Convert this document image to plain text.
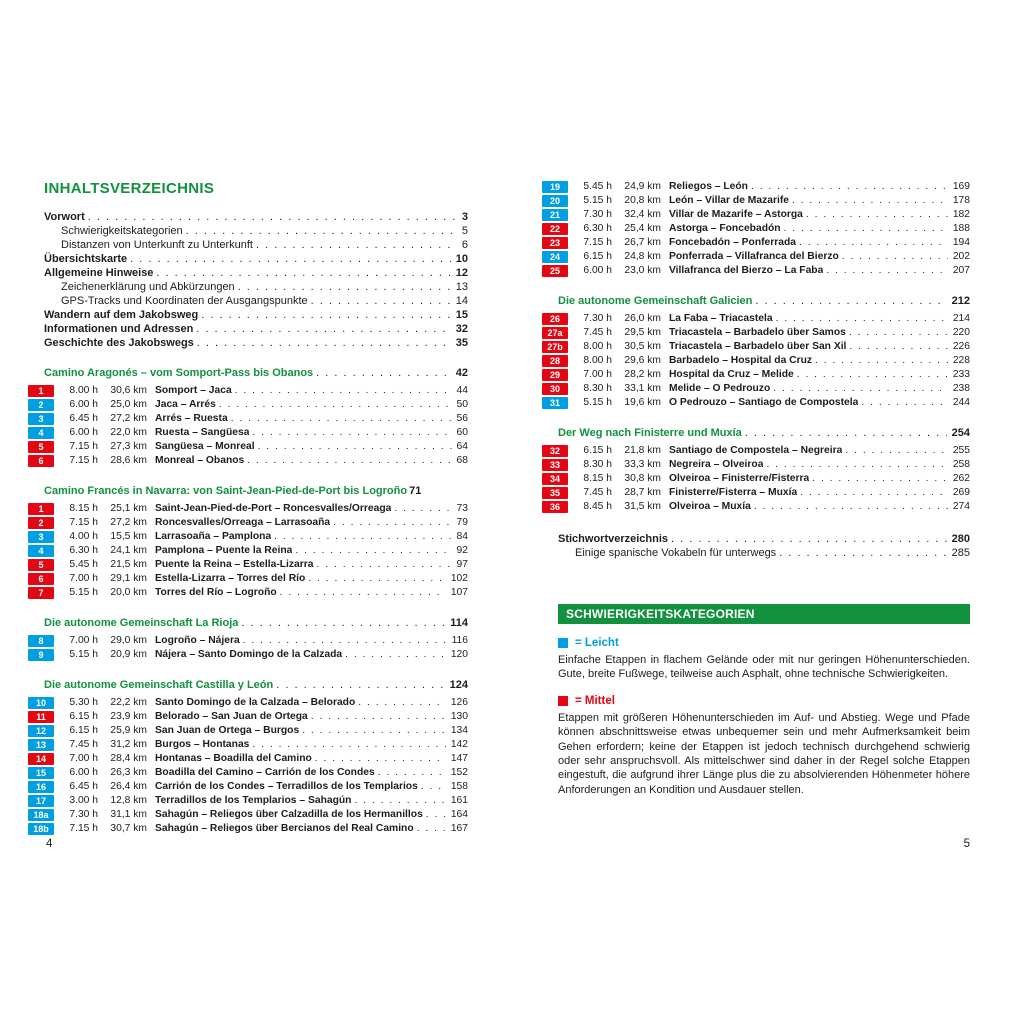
INHALTSVERZEICHNIS
Vorwort . . .	3
Schwierigkeitskategorien . . .	5
Distanzen von Unterkunft zu Unterkunft . . .	6
Übersichtskarte . . .	10
Allgemeine Hinweise . . .	12
Zeichenerklärung und Abkürzungen . . .	13
GPS-Tracks und Koordinaten der Ausgangspunkte . . .	14
Wandern auf dem Jakobsweg . . .	15
Informationen und Adressen . . .	32
Geschichte des Jakobswegs . . .	35
Camino Aragonés – vom Somport-Pass bis Obanos . . .	42
1	8.00 h	30,6 km Somport – Jaca . . .	44
2	6.00 h	25,0 km Jaca – Arrés . . .	50
3	6.45 h	27,2 km Arrés – Ruesta . . .	56
4	6.00 h	22,0 km Ruesta – Sangüesa . . .	60
5	7.15 h	27,3 km Sangüesa – Monreal . . .	64
6	7.15 h	28,6 km Monreal – Obanos . . .	68
Camino Francés in Navarra: von Saint-Jean-Pied-de-Port bis Logroño 71
1	8.15 h	25,1 km Saint-Jean-Pied-de-Port – Roncesvalles/Orreaga . . .	73
2	7.15 h	27,2 km Roncesvalles/Orreaga – Larrasoaña . . .	79
3	4.00 h	15,5 km Larrasoaña – Pamplona . . .	84
4	6.30 h	24,1 km Pamplona – Puente la Reina . . .	92
5	5.45 h	21,5 km Puente la Reina – Estella-Lizarra . . .	97
6	7.00 h	29,1 km Estella-Lizarra – Torres del Río . . .	102
7	5.15 h	20,0 km Torres del Río – Logroño . . .	107
Die autonome Gemeinschaft La Rioja . . .	114
8	7.00 h	29,0 km Logroño – Nájera . . .	116
9	5.15 h	20,9 km Nájera – Santo Domingo de la Calzada . . .	120
Die autonome Gemeinschaft Castilla y León . . .	124
10	5.30 h	22,2 km Santo Domingo de la Calzada – Belorado . . .	126
11	6.15 h	23,9 km Belorado – San Juan de Ortega . . .	130
12	6.15 h	25,9 km San Juan de Ortega – Burgos . . .	134
13	7.45 h	31,2 km Burgos – Hontanas . . .	142
14	7.00 h	28,4 km Hontanas – Boadilla del Camino . . .	147
15	6.00 h	26,3 km Boadilla del Camino – Carrión de los Condes . . .	152
16	6.45 h	26,4 km Carrión de los Condes – Terradillos de los Templarios . . .	158
17	3.00 h	12,8 km Terradillos de los Templarios – Sahagún . . .	161
18a	7.30 h	31,1 km Sahagún – Reliegos über Calzadilla de los Hermanillos . . .	164
18b	7.15 h	30,7 km Sahagún – Reliegos über Bercianos del Real Camino . . .	167
19	5.45 h	24,9 km Reliegos – León . . .	169
20	5.15 h	20,8 km León – Villar de Mazarife . . .	178
21	7.30 h	32,4 km Villar de Mazarife – Astorga . . .	182
22	6.30 h	25,4 km Astorga – Foncebadón . . .	188
23	7.15 h	26,7 km Foncebadón – Ponferrada . . .	194
24	6.15 h	24,8 km Ponferrada – Villafranca del Bierzo . . .	202
25	6.00 h	23,0 km Villafranca del Bierzo – La Faba . . .	207
Die autonome Gemeinschaft Galicien . . .	212
26	7.30 h	26,0 km La Faba – Triacastela . . .	214
27a	7.45 h	29,5 km Triacastela – Barbadelo über Samos . . .	220
27b	8.00 h	30,5 km Triacastela – Barbadelo über San Xil . . .	226
28	8.00 h	29,6 km Barbadelo – Hospital da Cruz . . .	228
29	7.00 h	28,2 km Hospital da Cruz – Melide . . .	233
30	8.30 h	33,1 km Melide – O Pedrouzo . . .	238
31	5.15 h	19,6 km O Pedrouzo – Santiago de Compostela . . .	244
Der Weg nach Finisterre und Muxía . . .	254
32	6.15 h	21,8 km Santiago de Compostela – Negreira . . .	255
33	8.30 h	33,3 km Negreira – Olveiroa . . .	258
34	8.15 h	30,8 km Olveiroa – Finisterre/Fisterra . . .	262
35	7.45 h	28,7 km Finisterre/Fisterra – Muxía . . .	269
36	8.45 h	31,5 km Olveiroa – Muxía . . .	274
Stichwortverzeichnis . . .	280
Einige spanische Vokabeln für unterwegs . . .	285
SCHWIERIGKEITSKATEGORIEN
= Leicht

Einfache Etappen in flachem Gelände oder mit nur geringen Höhenunterschieden. Gute, breite Fußwege, teilweise auch Asphalt, ohne technische Schwierigkeiten.

= Mittel

Etappen mit größeren Höhenunterschieden im Auf- und Abstieg. Wege und Pfade können abschnittsweise etwas unbequemer sein und mehr Aufmerksamkeit beim Gehen erfordern; keine der Etappen ist jedoch technisch durchgehend schwierig oder sehr anspruchsvoll. Als mittelschwer sind daher in der Regel solche Etappen eingestuft, die aufgrund ihrer Länge plus die zu absolvierenden Höhenmeter höhere Anforderungen an Kondition und Ausdauer stellen.

4	5
